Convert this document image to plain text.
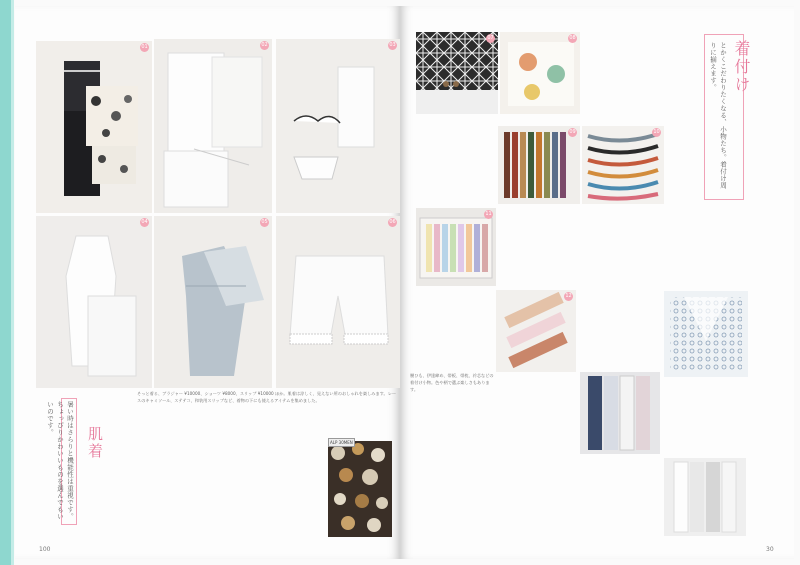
01	02	03
04	05	06
肌着
暑い時はさらりと機能性は重視です。ちょっぴりかわいいものを選んでもいいのです。
そっと着る、ブラジャー ¥10000、ショーツ ¥8000、スリップ ¥10000 ほか。肌着は涼しく、見えない所のおしゃれを楽しみます。レースのキャミソール、ステテコ、和装用スリップなど、着物の下にも使えるアイテムを集めました。
ALP 30MEN
100
07	08
09	10
11
12
着付け
とかくこだわりたくなる、小物たち。着付け周りに揃えます。
腰ひも、伊達締め、帯板、帯枕、衿芯などの着付け小物。色や柄で選ぶ楽しさもあります。
30
